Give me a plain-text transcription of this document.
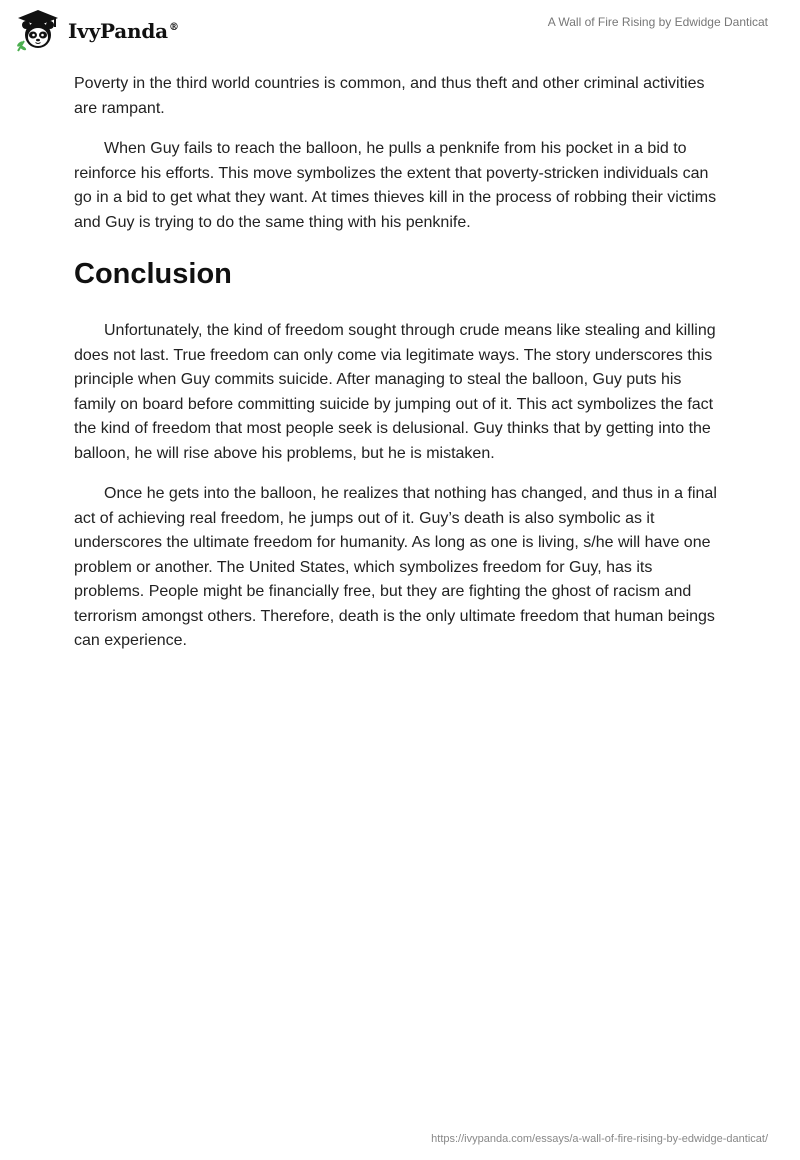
IvyPanda®	A Wall of Fire Rising by Edwidge Danticat

Poverty in the third world countries is common, and thus theft and other criminal activities are rampant.

When Guy fails to reach the balloon, he pulls a penknife from his pocket in a bid to reinforce his efforts. This move symbolizes the extent that poverty-stricken individuals can go in a bid to get what they want. At times thieves kill in the process of robbing their victims and Guy is trying to do the same thing with his penknife.

Conclusion

Unfortunately, the kind of freedom sought through crude means like stealing and killing does not last. True freedom can only come via legitimate ways. The story underscores this principle when Guy commits suicide. After managing to steal the balloon, Guy puts his family on board before committing suicide by jumping out of it. This act symbolizes the fact the kind of freedom that most people seek is delusional. Guy thinks that by getting into the balloon, he will rise above his problems, but he is mistaken.

Once he gets into the balloon, he realizes that nothing has changed, and thus in a final act of achieving real freedom, he jumps out of it. Guy’s death is also symbolic as it underscores the ultimate freedom for humanity. As long as one is living, s/he will have one problem or another. The United States, which symbolizes freedom for Guy, has its problems. People might be financially free, but they are fighting the ghost of racism and terrorism amongst others. Therefore, death is the only ultimate freedom that human beings can experience.

https://ivypanda.com/essays/a-wall-of-fire-rising-by-edwidge-danticat/
